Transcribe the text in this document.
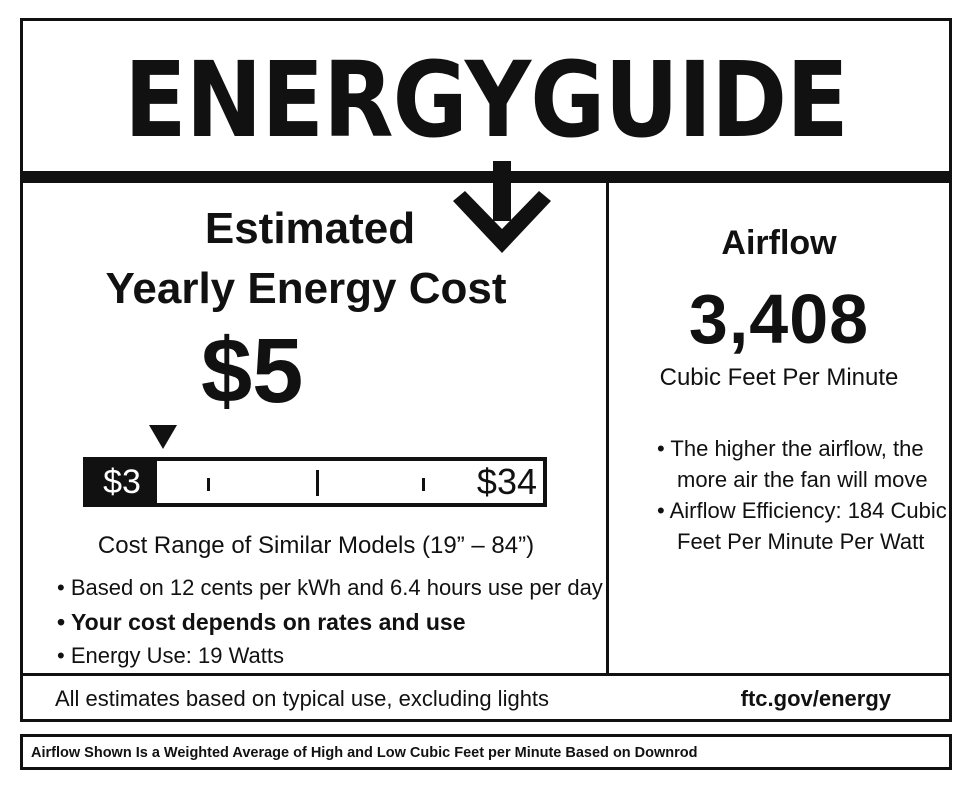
ENERGYGUIDE
Estimated
Yearly Energy Cost
$5
$3	$34
Cost Range of Similar Models (19” – 84”)
• Based on 12 cents per kWh and 6.4 hours use per day
• Your cost depends on rates and use
• Energy Use: 19 Watts
Airflow
3,408
Cubic Feet Per Minute
• The higher the airflow, the
more air the fan will move
• Airflow Efficiency: 184 Cubic
Feet Per Minute Per Watt
All estimates based on typical use, excluding lights	ftc.gov/energy
Airflow Shown Is a Weighted Average of High and Low Cubic Feet per Minute Based on Downrod
